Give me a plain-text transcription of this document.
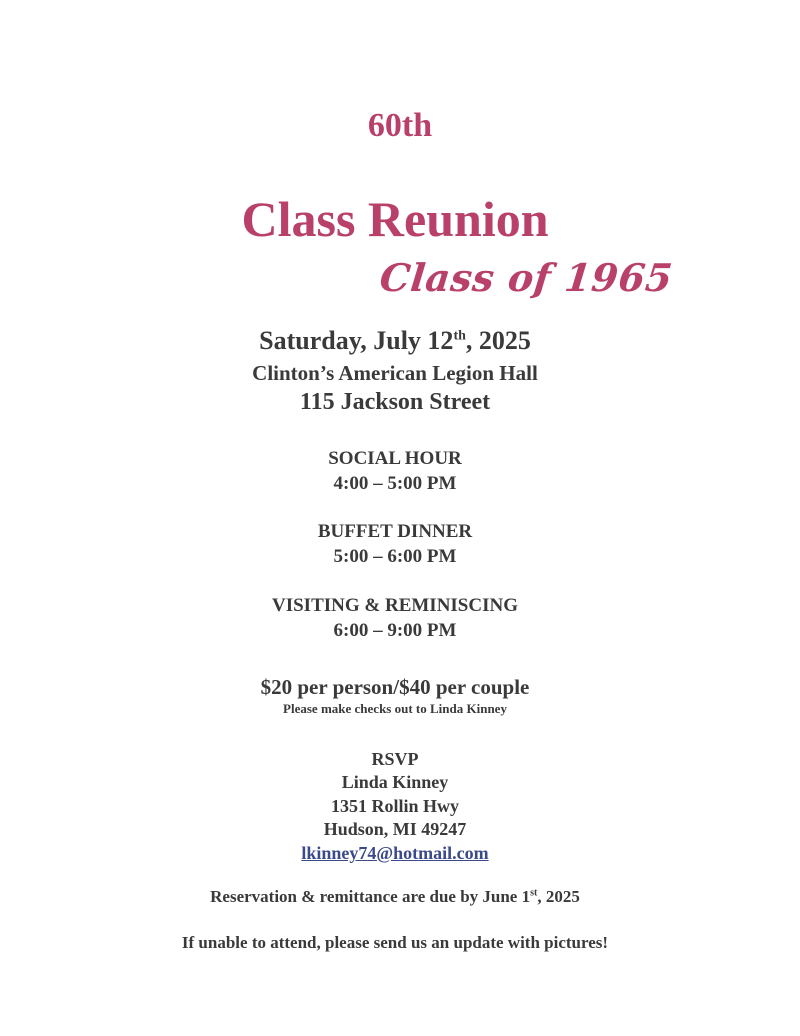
60th
Class Reunion
Class of 1965
Saturday, July 12th, 2025
Clinton’s American Legion Hall
115 Jackson Street
SOCIAL HOUR
4:00 – 5:00 PM
BUFFET DINNER
5:00 – 6:00 PM
VISITING & REMINISCING
6:00 – 9:00 PM
$20 per person/$40 per couple
Please make checks out to Linda Kinney
RSVP
Linda Kinney
1351 Rollin Hwy
Hudson, MI 49247
lkinney74@hotmail.com
Reservation & remittance are due by June 1st, 2025
If unable to attend, please send us an update with pictures!
